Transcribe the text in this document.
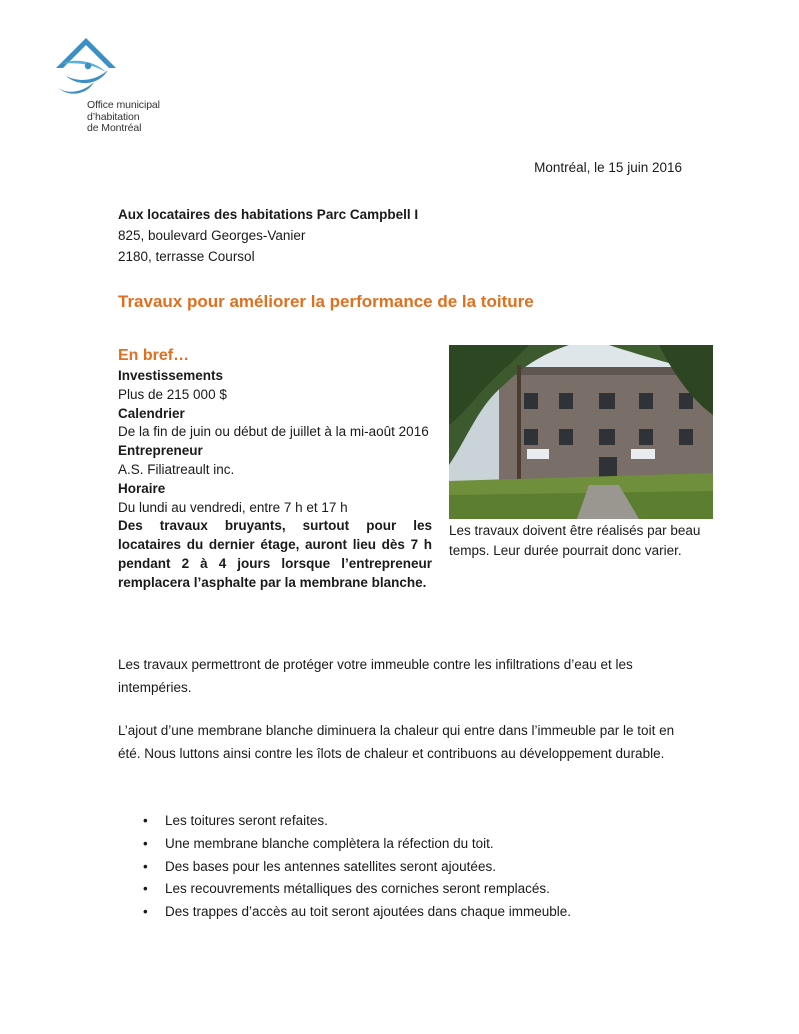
Office municipal
d’habitation
de Montréal
Montréal, le 15 juin 2016
Aux locataires des habitations Parc Campbell I
825, boulevard Georges-Vanier
2180, terrasse Coursol
Travaux pour améliorer la performance de la toiture
En bref…
Investissements
Plus de 215 000 $
Calendrier
De la fin de juin ou début de juillet à la mi-août 2016
Entrepreneur
A.S. Filiatreault inc.
Horaire
Du lundi au vendredi, entre 7 h et 17 h
Des travaux bruyants, surtout pour les locataires du dernier étage, auront lieu dès 7 h pendant 2 à 4 jours lorsque l’entrepreneur remplacera l’asphalte par la membrane blanche.
Les travaux doivent être réalisés par beau temps. Leur durée pourrait donc varier.
Les travaux permettront de protéger votre immeuble contre les infiltrations d’eau et les intempéries.
L’ajout d’une membrane blanche diminuera la chaleur qui entre dans l’immeuble par le toit en été. Nous luttons ainsi contre les îlots de chaleur et contribuons au développement durable.
• Les toitures seront refaites.
• Une membrane blanche complètera la réfection du toit.
• Des bases pour les antennes satellites seront ajoutées.
• Les recouvrements métalliques des corniches seront remplacés.
• Des trappes d’accès au toit seront ajoutées dans chaque immeuble.
